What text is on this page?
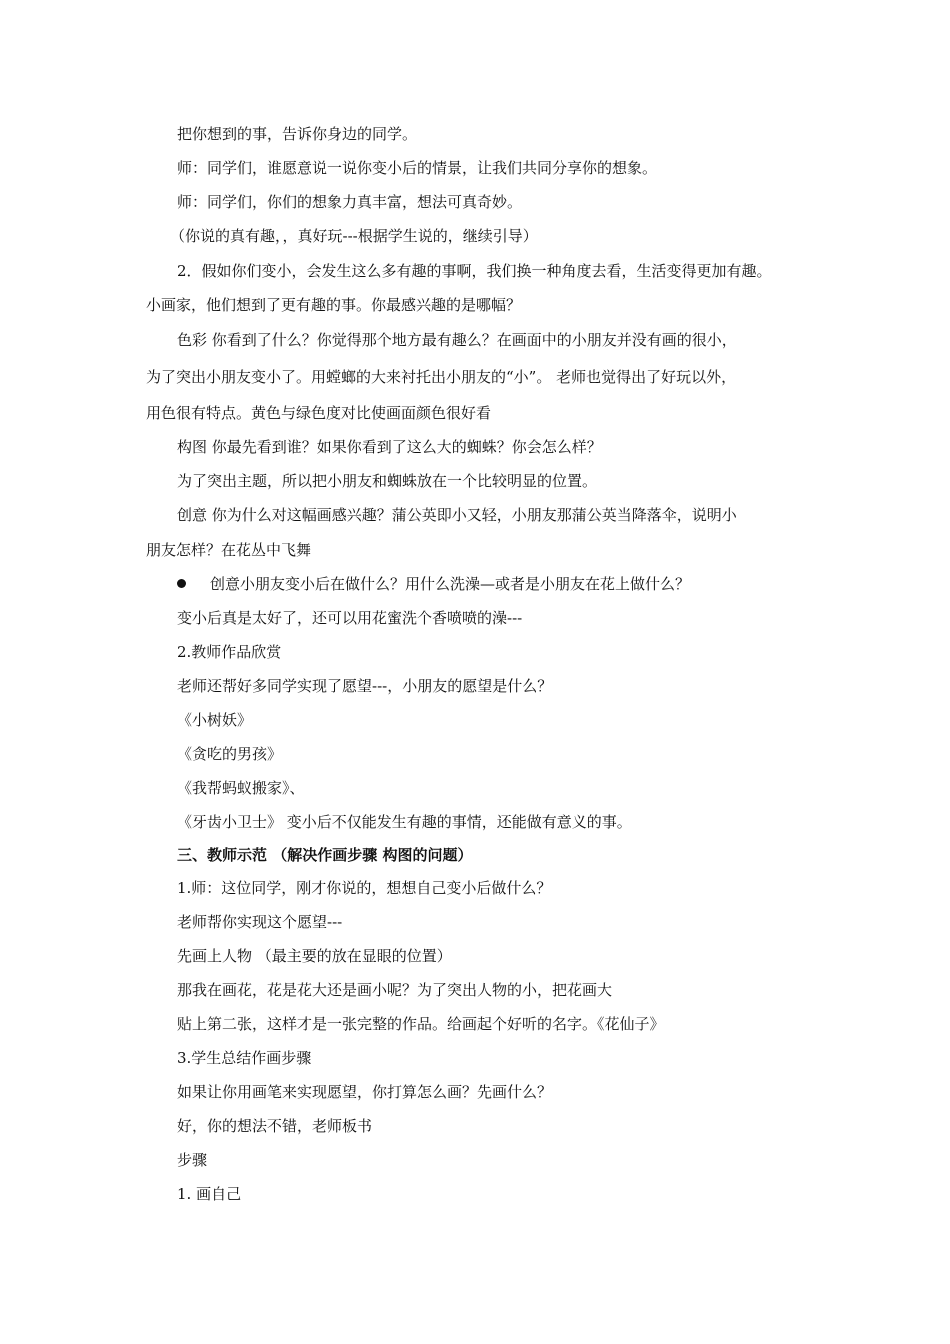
把你想到的事，告诉你身边的同学。
师：同学们，谁愿意说一说你变小后的情景，让我们共同分享你的想象。
师：同学们，你们的想象力真丰富，想法可真奇妙。
（你说的真有趣，，真好玩---根据学生说的，继续引导）
2．假如你们变小，会发生这么多有趣的事啊，我们换一种角度去看，生活变得更加有趣。
小画家，他们想到了更有趣的事。你最感兴趣的是哪幅？
色彩 你看到了什么？你觉得那个地方最有趣么？在画面中的小朋友并没有画的很小，
为了突出小朋友变小了。用螳螂的大来衬托出小朋友的“小”。 老师也觉得出了好玩以外，
用色很有特点。黄色与绿色度对比使画面颜色很好看
构图 你最先看到谁？如果你看到了这么大的蜘蛛？你会怎么样？
为了突出主题，所以把小朋友和蜘蛛放在一个比较明显的位置。
创意 你为什么对这幅画感兴趣？蒲公英即小又轻，小朋友那蒲公英当降落伞，说明小
朋友怎样？在花丛中飞舞
创意小朋友变小后在做什么？用什么洗澡—或者是小朋友在花上做什么？
变小后真是太好了，还可以用花蜜洗个香喷喷的澡---
2.教师作品欣赏
老师还帮好多同学实现了愿望---，小朋友的愿望是什么？
《小树妖》
《贪吃的男孩》
《我帮蚂蚁搬家》、
《牙齿小卫士》 变小后不仅能发生有趣的事情，还能做有意义的事。
三、教师示范 （解决作画步骤 构图的问题）
1.师：这位同学，刚才你说的，想想自己变小后做什么？
老师帮你实现这个愿望---
先画上人物 （最主要的放在显眼的位置）
那我在画花，花是花大还是画小呢？为了突出人物的小，把花画大
贴上第二张，这样才是一张完整的作品。给画起个好听的名字。《花仙子》
3.学生总结作画步骤
如果让你用画笔来实现愿望，你打算怎么画？先画什么？
好，你的想法不错，老师板书
步骤
1. 画自己
